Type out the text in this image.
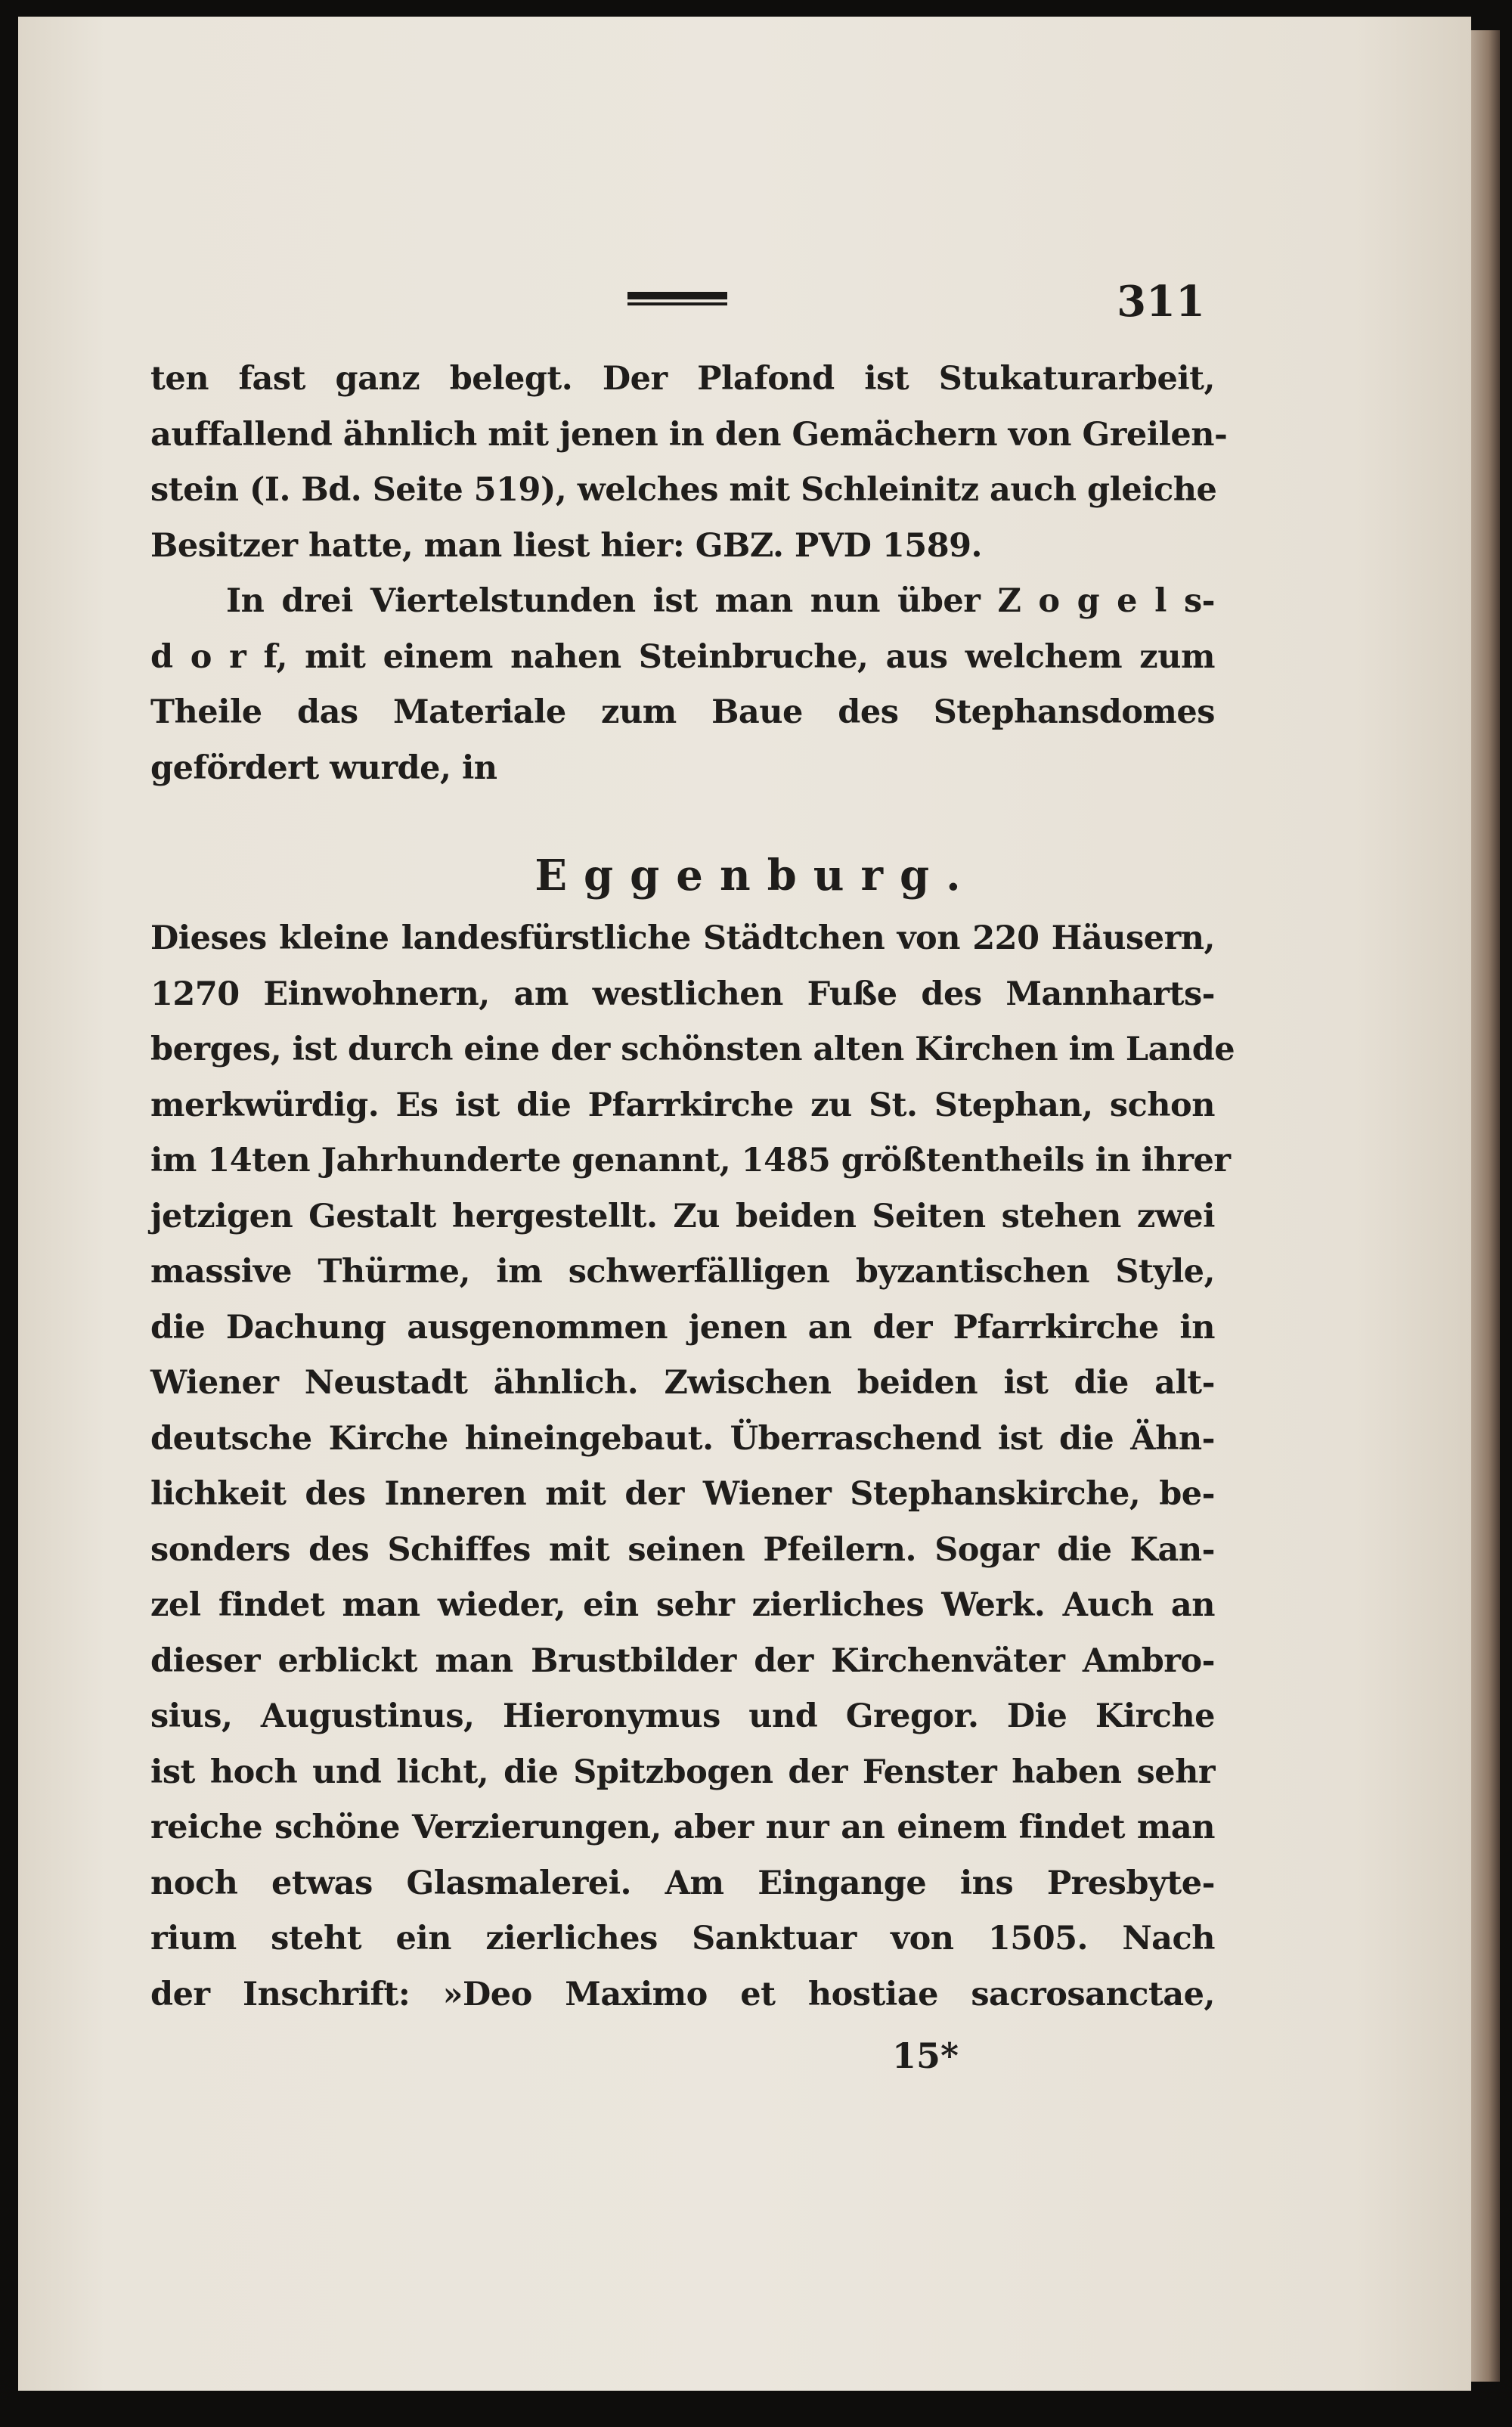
311
ten fast ganz belegt. Der Plafond ist Stukaturarbeit,
auffallend ähnlich mit jenen in den Gemächern von Greilen-
stein (I. Bd. Seite 519), welches mit Schleinitz auch gleiche
Besitzer hatte, man liest hier: GBZ. PVD 1589.
In drei Viertelstunden ist man nun über Z o g e l s-
d o r f, mit einem nahen Steinbruche, aus welchem zum
Theile das Materiale zum Baue des Stephansdomes
gefördert wurde, in
Eggenburg.
Dieses kleine landesfürstliche Städtchen von 220 Häusern,
1270 Einwohnern, am westlichen Fuße des Mannharts-
berges, ist durch eine der schönsten alten Kirchen im Lande
merkwürdig. Es ist die Pfarrkirche zu St. Stephan, schon
im 14ten Jahrhunderte genannt, 1485 größtentheils in ihrer
jetzigen Gestalt hergestellt. Zu beiden Seiten stehen zwei
massive Thürme, im schwerfälligen byzantischen Style,
die Dachung ausgenommen jenen an der Pfarrkirche in
Wiener Neustadt ähnlich. Zwischen beiden ist die alt-
deutsche Kirche hineingebaut. Überraschend ist die Ähn-
lichkeit des Inneren mit der Wiener Stephanskirche, be-
sonders des Schiffes mit seinen Pfeilern. Sogar die Kan-
zel findet man wieder, ein sehr zierliches Werk. Auch an
dieser erblickt man Brustbilder der Kirchenväter Ambro-
sius, Augustinus, Hieronymus und Gregor. Die Kirche
ist hoch und licht, die Spitzbogen der Fenster haben sehr
reiche schöne Verzierungen, aber nur an einem findet man
noch etwas Glasmalerei. Am Eingange ins Presbyte-
rium steht ein zierliches Sanktuar von 1505. Nach
der Inschrift: »Deo Maximo et hostiae sacrosanctae,
15*
